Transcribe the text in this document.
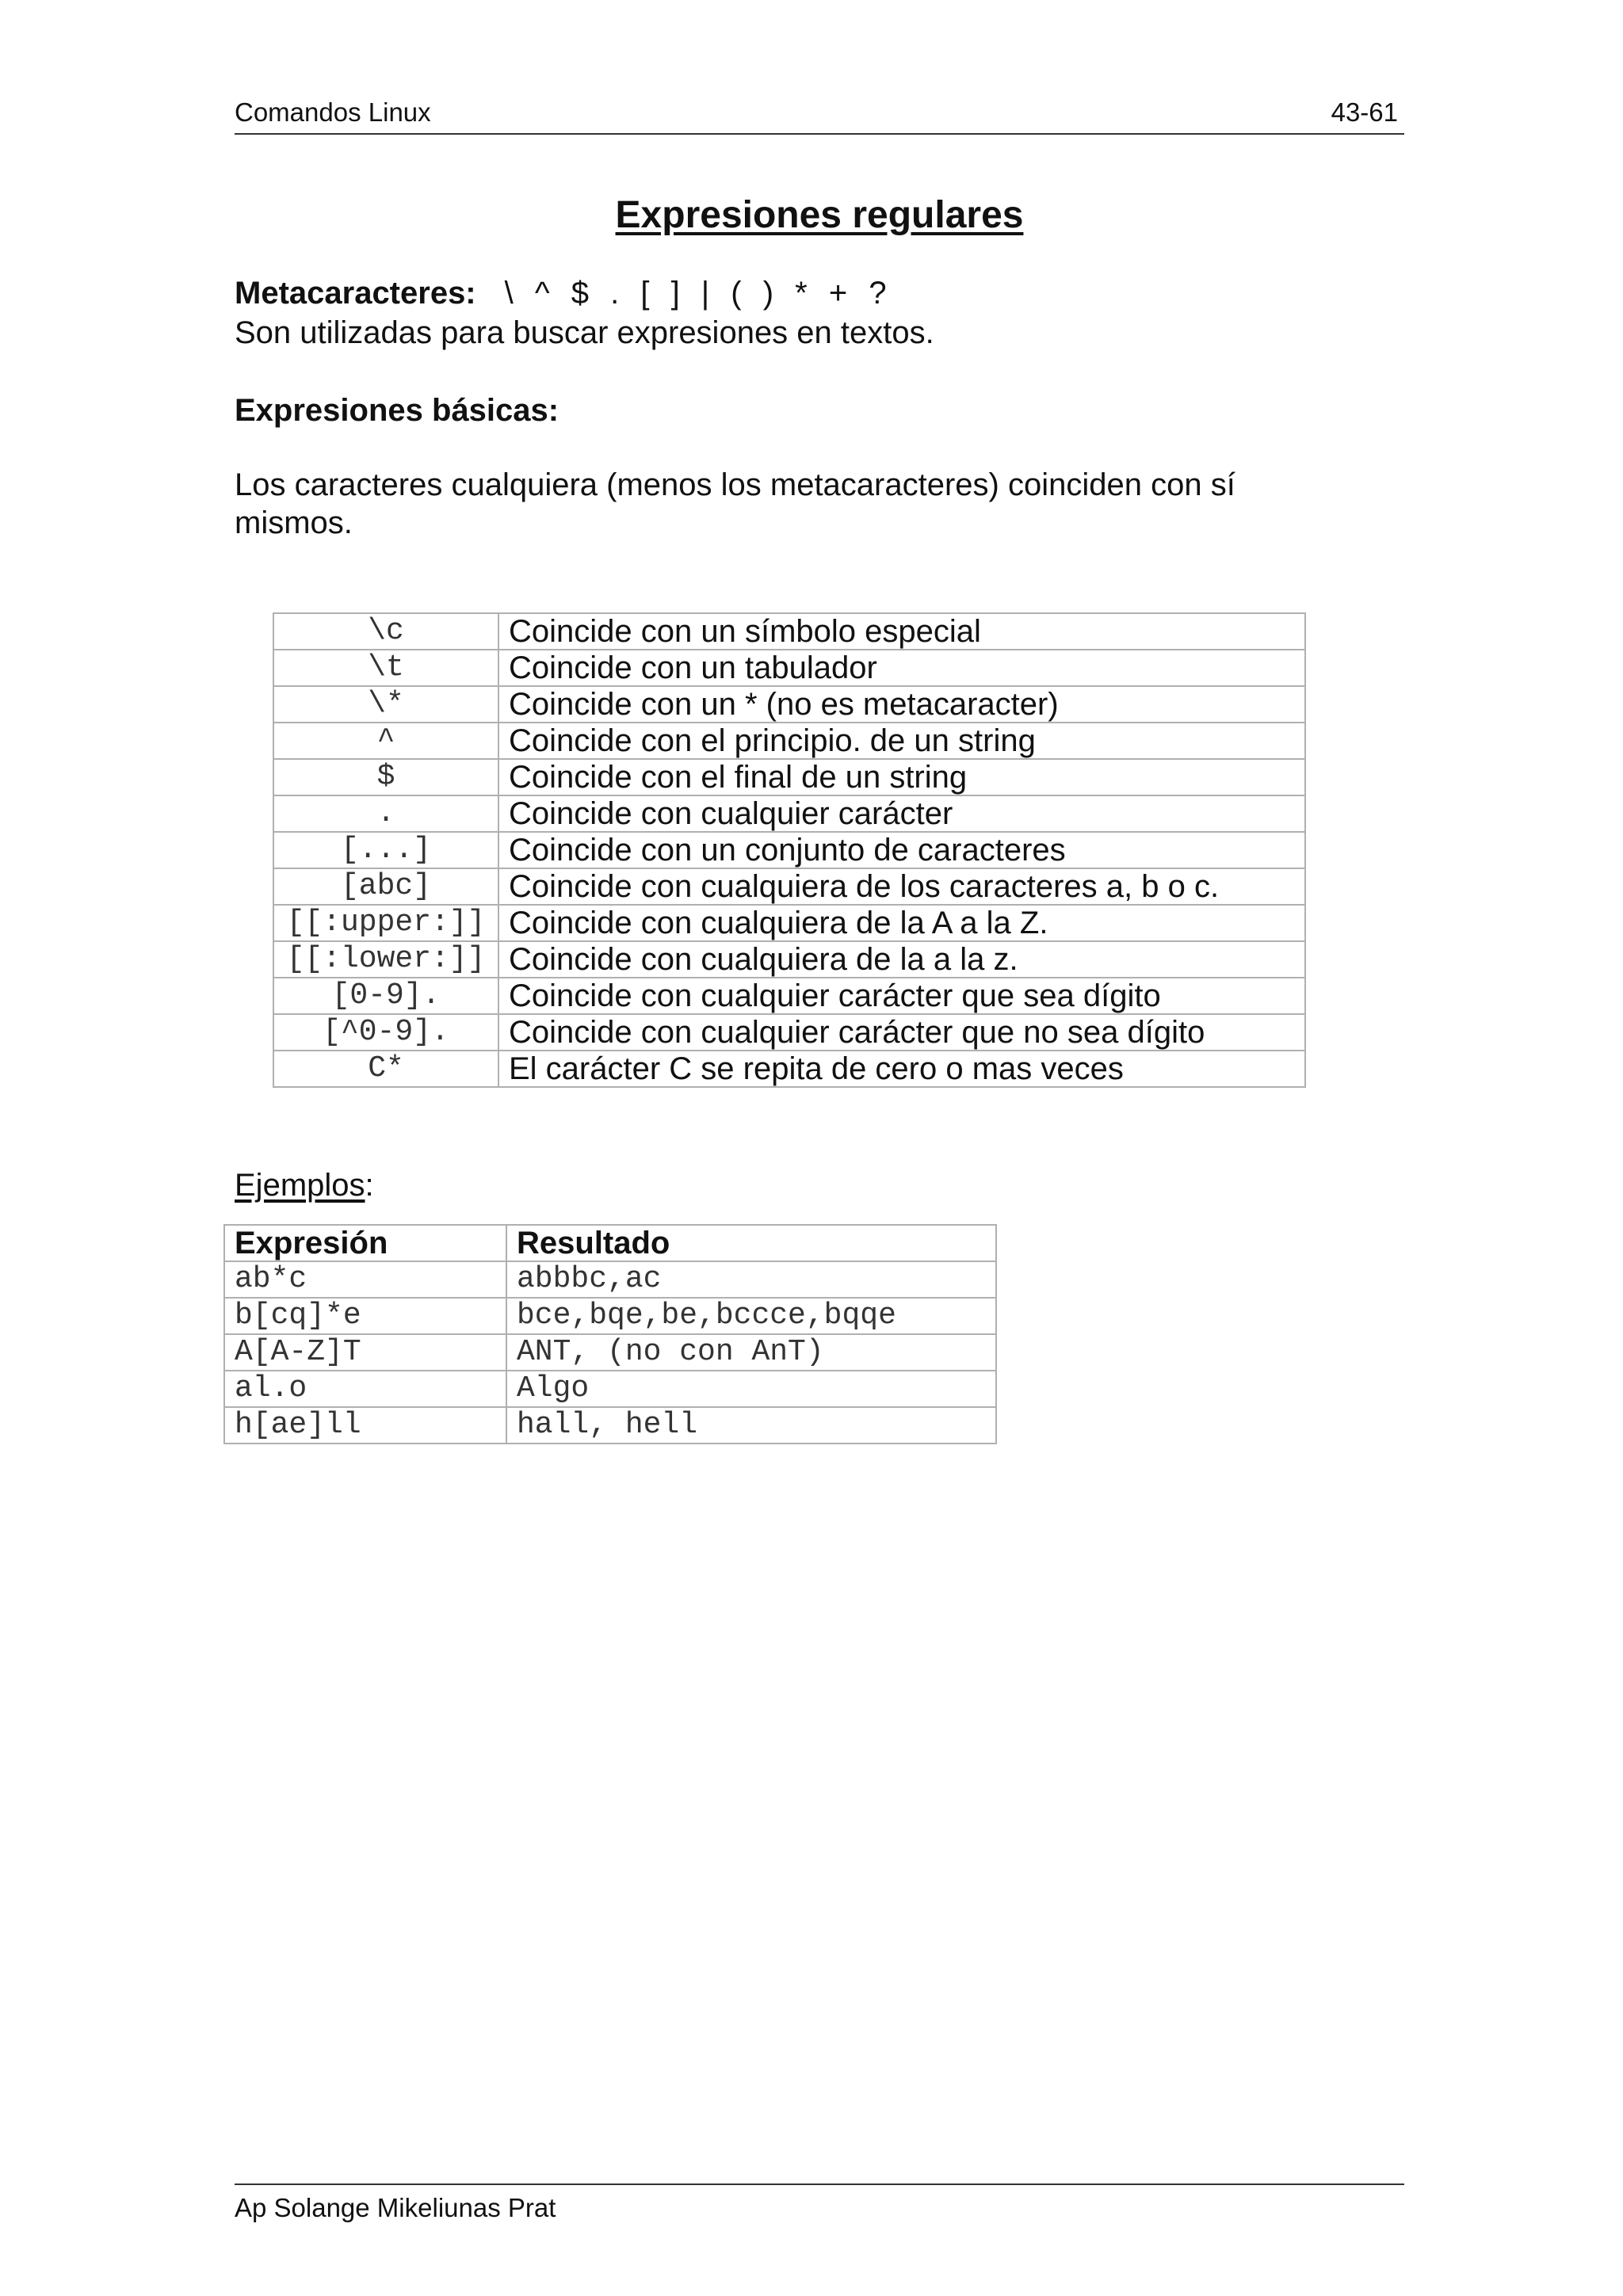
Comandos Linux	43-61
Expresiones regulares
Metacaracteres: \ ^ $ . [ ] | ( ) * + ?
Son utilizadas para buscar expresiones en textos.
Expresiones básicas:
Los caracteres cualquiera (menos los metacaracteres) coinciden con sí
mismos.
\c	Coincide con un símbolo especial
\t	Coincide con un tabulador
\*	Coincide con un * (no es metacaracter)
^	Coincide con el principio. de un string
$	Coincide con el final de un string
.	Coincide con cualquier carácter
[...]	Coincide con un conjunto de caracteres
[abc]	Coincide con cualquiera de los caracteres a, b o c.
[[:upper:]]	Coincide con cualquiera de la A a la Z.
[[:lower:]]	Coincide con cualquiera de la a la z.
[0-9].	Coincide con cualquier carácter que sea dígito
[^0-9].	Coincide con cualquier carácter que no sea dígito
C*	El carácter C se repita de cero o mas veces
Ejemplos:
Expresión	Resultado
ab*c	abbbc,ac
b[cq]*e	bce,bqe,be,bccce,bqqe
A[A-Z]T	ANT, (no con AnT)
al.o	Algo
h[ae]ll	hall, hell
Ap Solange Mikeliunas Prat
